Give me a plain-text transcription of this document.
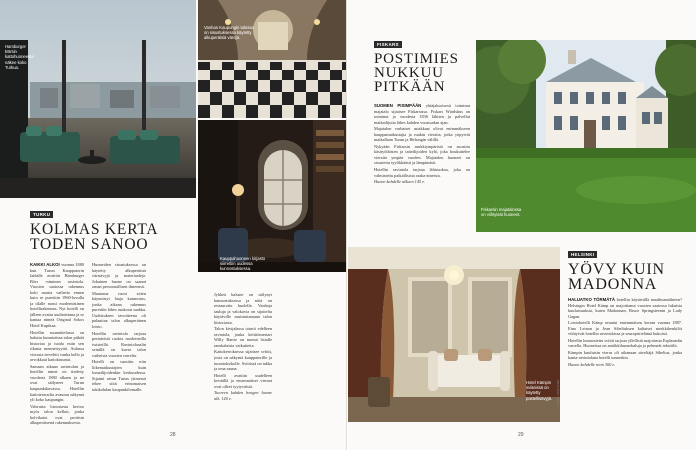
Hamburger Börsin kattohuoneesta näkee koko Turkua.
Vanhan Kaupungin talossa on sisustuksessa käytetty alkuperäisiä värejä.
Kauppahuoneen kirjasto siirrettiin uudessa kunnostuksessa.
TURKU
KOLMAS KERTA
TODEN SANOO

KAIKKI ALKOI vuonna 1880 kun Turun Kauppatorin laidalle avattiin Hamburger Börs -niminen ravintola. Vuosien saatossa rakennus koki monta vaihetta ennen kuin se purettiin 1960-luvulla ja tilalle nousi modernistinen hotellirakennus. Nyt hotelli on jälleen avattu uudistettuna ja se kantaa nimeä Original Sokos Hotel Kupittaa.

Hotellin suunnittelussa on haluttu kunnioittaa talon pitkää historiaa ja tuoda esiin sen rikasta menneisyyttä. Aulassa vierasta tervehtii vanha kello ja arvokkaat kattokruunut.

Samaan aikaan ravintolan ja hotellin nimet on tiedetty vuodesta 1880 alkaen ja ne ovat säilyneet Turun kaupunkikuvassa. Hotellin kattoterassilta avautuu näkymä yli koko kaupungin.

Vahvasta historiasta kertoo myös talon kellari, jonka holvikatot ovat peräisin alkuperäisestä rakennuksesta.

Huoneiden sisustuksessa on käytetty alkuperäisiä värisävyjä ja materiaaleja. Jokainen huone on saanut oman persoonallisen ilmeensä.

Muutama vuosi sitten käynnistyi laaja kunnostus, jonka aikana rakennus purettiin lähes runkoon saakka. Uudistuksen tavoitteena oli palauttaa talon alkuperäinen loisto.

Hotellin ravintola tarjoaa perinteisiä ruokia moderneilla twisteillä. Ravintolasalin seinillä on kuvia talon vaiheista vuosien varrelta.

Hotelli on suosittu niin liikematkustajien kuin lomailijoidenkin keskuudessa. Sijainti aivan Turun ytimessä tekee siitä erinomaisen tukikohdan kaupunkilomalle.

Jyhkeä kaluste on säilynyt kunnostuksessa ja niitä on restauroitu huolella. Vanhoja tauluja ja valokuvia on sijoiteltu käytäville muistuttamaan talon historiasta.

Talon kivijalassa toimii edelleen ravintola, jonka keittiömestari Willy Barrie on tuonut listalle ranskalaisia vaikutteita.

Kattokerroksessa sijaitsee sviitti, josta on näkymä kauppatorille ja tuomiokirkolle. Sviitissä on takka ja oma sauna.

Hotelli avattiin uudelleen keväällä ja ensimmäiset vieraat ovat olleet tyytyväisiä.

Tuoreen kahden hengen huone alk. 140 e.

28
FISKARS
POSTIMIES
NUKKUU
PITKÄÄN

SUOMEN PISIMPÄÄN yhtäjaksoisesti toiminut majatalo sijaitsee Fiskarsissa. Fiskars Wärdshus on toiminut jo vuodesta 1836 lähtien ja palvellut matkailijoita lähes kahden vuosisadan ajan.

Majatalon varhaiset asiakkaat olivat enimmäkseen kauppamatkustajia ja ruukin vieraita, jotka yöpyivät matkallaan Turun ja Helsingin välillä.

Nykyään Fiskarsin ruukkiympäristö on suosittu käsityöläisten ja taiteilijoiden kylä, joka houkuttelee vieraita ympäri vuoden. Majatalon huoneet on sisustettu tyylikkäästi ja lämpimästi.

Hotellin ravintola tarjoaa lähiruokaa, joka on valmistettu paikallisista raaka-aineista.

Huone kahdelle alkaen 145 e.

Fiskarsin majatalossa on viihtyisät huoneet.
Hotel Kämpin sviiteissä on käytetty pastellisävyjä.	KUVAT: JUHO KUVA
HELSINKI
YÖVY KUIN
MADONNA

HALUATKO TÖRMÄTÄ hotellin käytävällä maailmantähteen? Helsingin Hotel Kämp on majoittanut vuosien saatossa lukuisia kuuluisuuksia, kuten Madonnan, Bruce Springsteenin ja Lady Gagan.

Loistohotelli Kämp avautui ensimmäisen kerran vuonna 1887. Eino Leinon ja Jean Sibeliuksen kaltaiset merkkihenkilöt viihtyivät hotellin ravintolassa ja seurapiirielämä kukoisti.

Hotellin kunnostettu sviitti tarjoaa yllellistä majoitusta Esplanadin varrella. Huoneissa on antiikkihuonekaluja ja pehmeät tekstiilit.

Kämpin kuuluisin vieras oli aikanaan säveltäjä Sibelius, jonka kanta-ravintolana hotelli tunnettiin.

Huone kahdelle noin 300 e.

29
